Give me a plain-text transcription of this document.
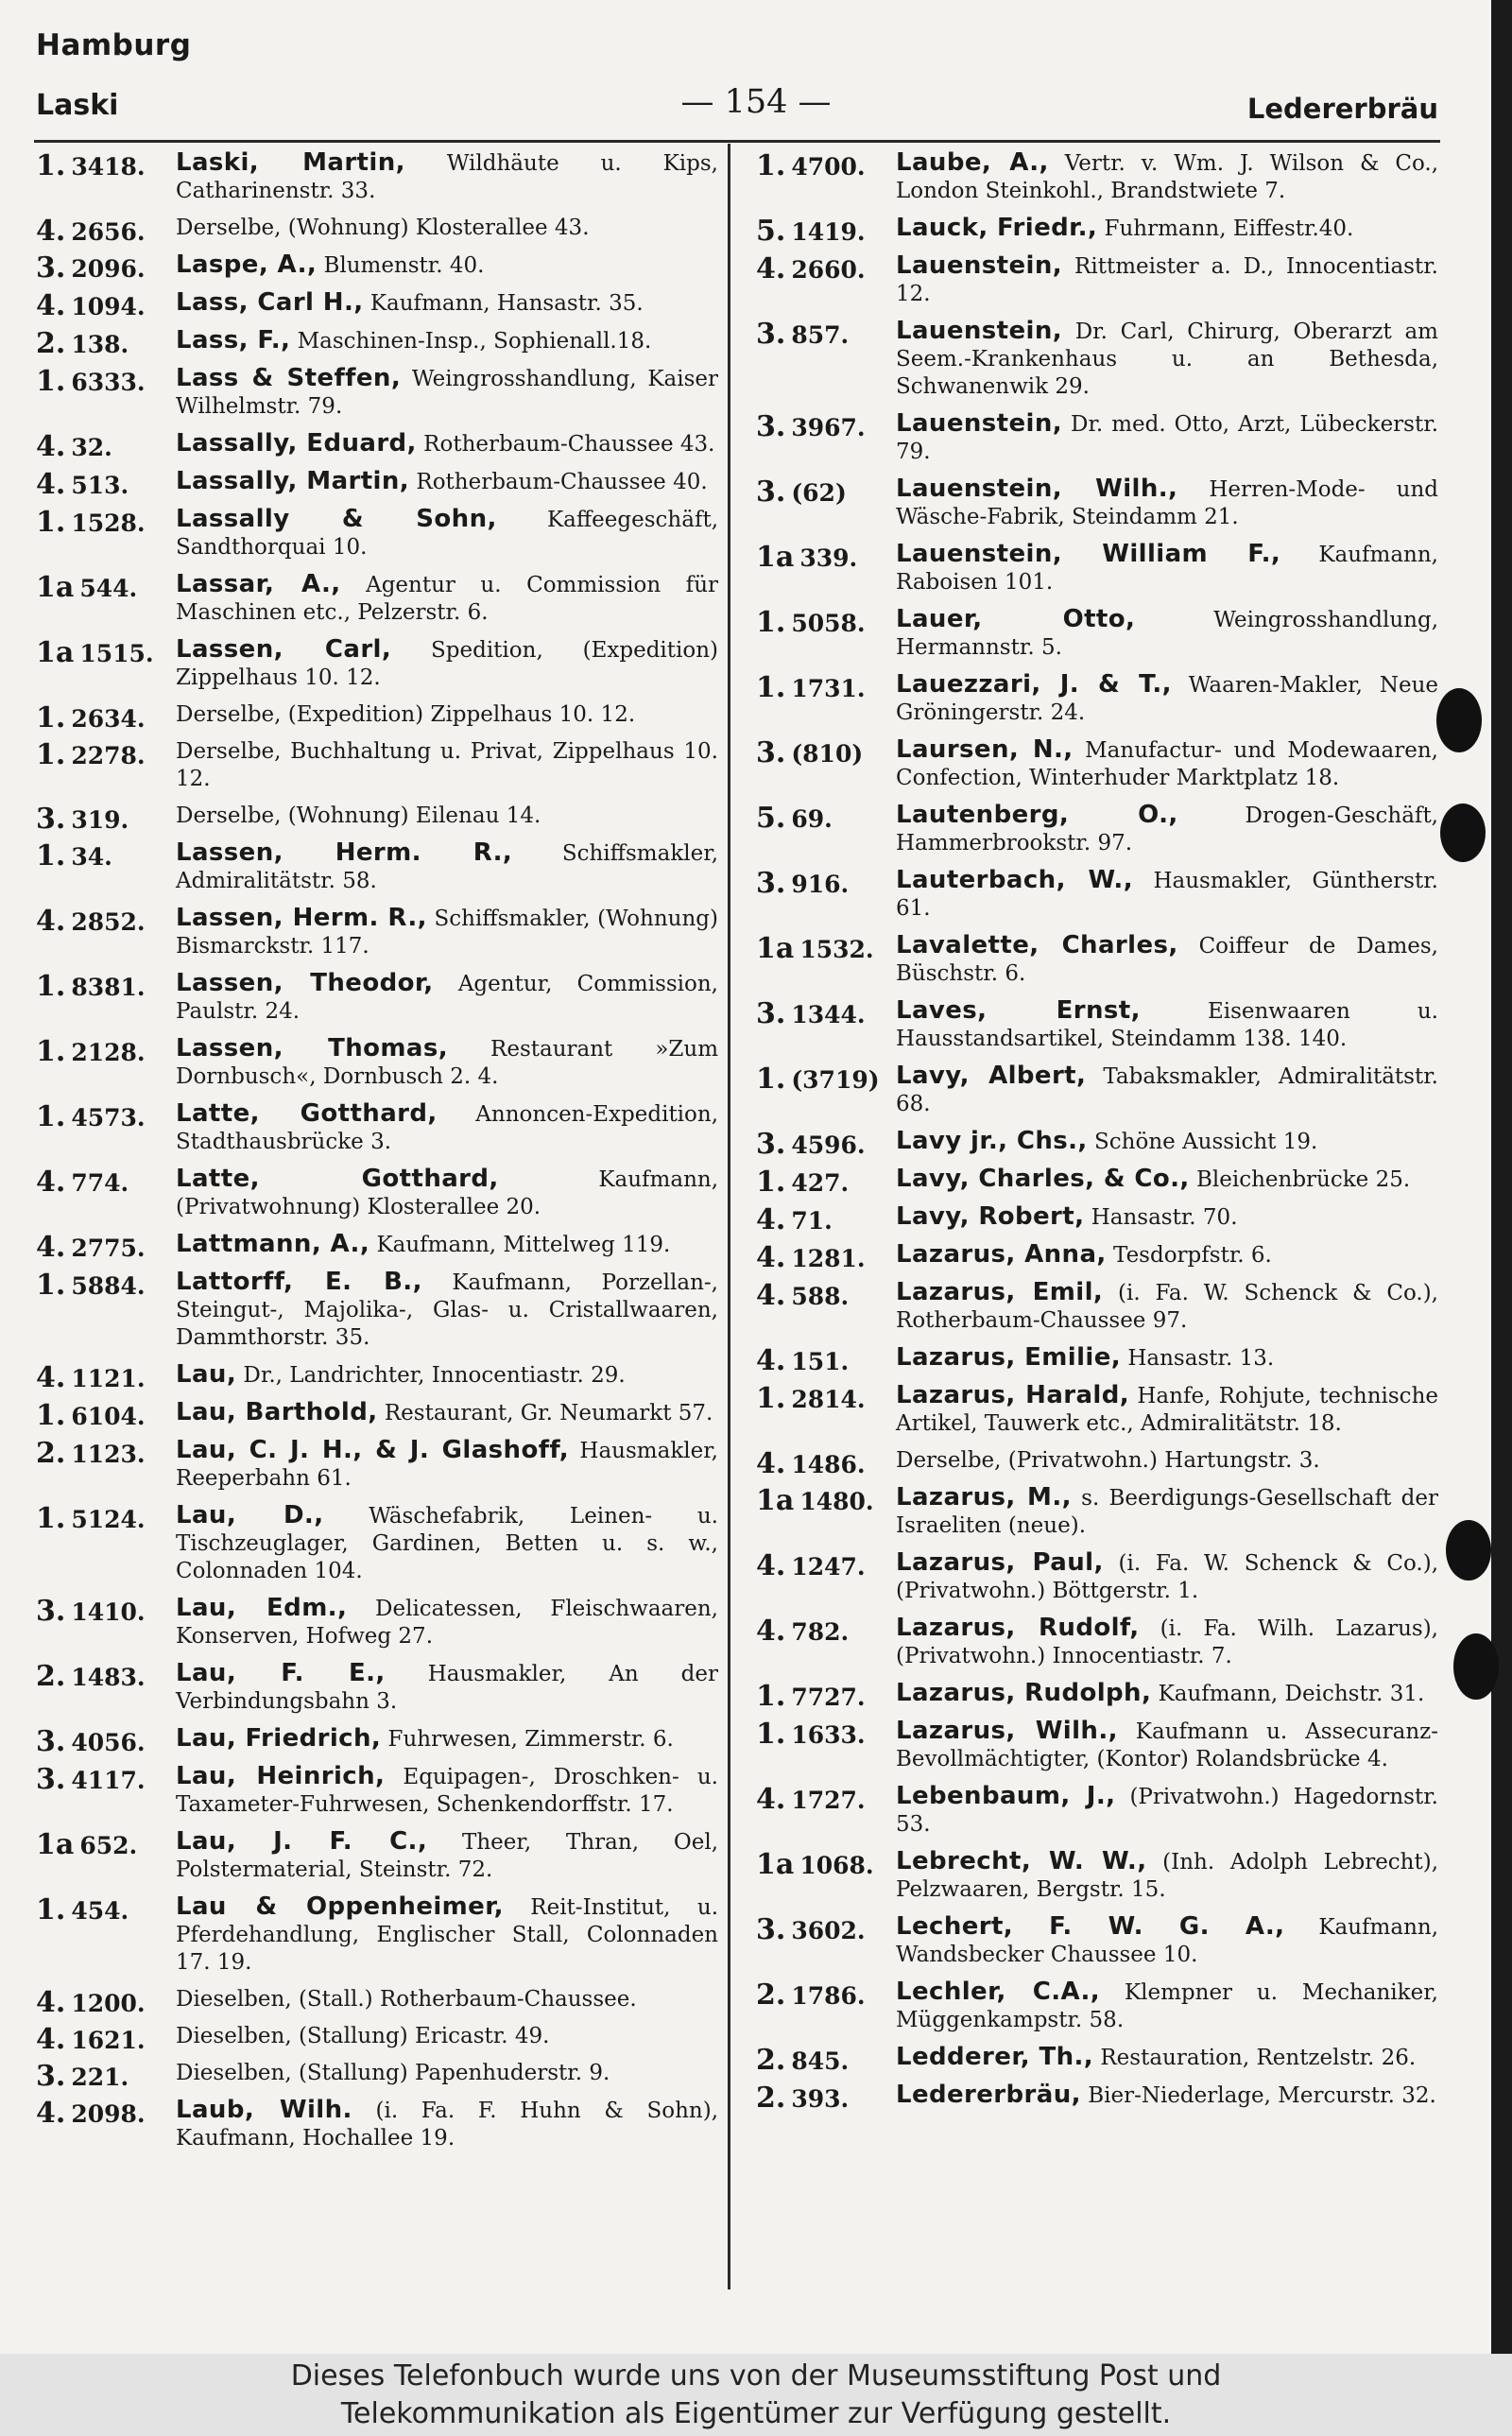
Hamburg
Laski	— 154 —	Ledererbräu
1. 3418.	Laski, Martin, Wildhäute u. Kips, Catharinenstr. 33.
4. 2656.	Derselbe, (Wohnung) Klosterallee 43.
3. 2096.	Laspe, A., Blumenstr. 40.
4. 1094.	Lass, Carl H., Kaufmann, Hansastr. 35.
2. 138.	Lass, F., Maschinen-Insp., Sophienall.18.
1. 6333.	Lass & Steffen, Weingrosshandlung, Kaiser Wilhelmstr. 79.
4. 32.	Lassally, Eduard, Rotherbaum-Chaussee 43.
4. 513.	Lassally, Martin, Rotherbaum-Chaussee 40.
1. 1528.	Lassally & Sohn, Kaffeegeschäft, Sandthorquai 10.
1a 544.	Lassar, A., Agentur u. Commission für Maschinen etc., Pelzerstr. 6.
1a 1515. Lassen, Carl, Spedition, (Expedition) Zippelhaus 10. 12.
1. 2634.	Derselbe, (Expedition) Zippelhaus 10. 12.
1. 2278.	Derselbe, Buchhaltung u. Privat, Zippelhaus 10. 12.
3. 319.	Derselbe, (Wohnung) Eilenau 14.
1. 34.	Lassen, Herm. R., Schiffsmakler, Admiralitätstr. 58.
4. 2852.	Lassen, Herm. R., Schiffsmakler, (Wohnung) Bismarckstr. 117.
1. 8381.	Lassen, Theodor, Agentur, Commission, Paulstr. 24.
1. 2128.	Lassen, Thomas, Restaurant »Zum Dornbusch«, Dornbusch 2. 4.
1. 4573.	Latte, Gotthard, Annoncen-Expedition, Stadthausbrücke 3.
4. 774.	Latte, Gotthard,	Kaufmann, (Privatwohnung) Klosterallee 20.
4. 2775.	Lattmann, A., Kaufmann, Mittelweg 119.
1. 5884.	Lattorff, E. B., Kaufmann, Porzellan-, Steingut-, Majolika-, Glas- u. Cristallwaaren, Dammthorstr. 35.
4. 1121.	Lau, Dr., Landrichter, Innocentiastr. 29.
1. 6104.	Lau, Barthold, Restaurant, Gr. Neumarkt 57.
2. 1123.	Lau, C. J. H., & J. Glashoff, Hausmakler, Reeperbahn 61.
1. 5124.	Lau, D., Wäschefabrik, Leinen- u. Tischzeuglager, Gardinen, Betten u. s. w., Colonnaden 104.
3. 1410.	Lau, Edm., Delicatessen, Fleischwaaren, Konserven, Hofweg 27.
2. 1483.	Lau, F. E., Hausmakler, An der Verbindungsbahn 3.
3. 4056.	Lau, Friedrich, Fuhrwesen, Zimmerstr. 6.
3. 4117.	Lau, Heinrich, Equipagen-, Droschken- u. Taxameter-Fuhrwesen, Schenkendorffstr. 17.
1a 652.	Lau, J. F. C., Theer, Thran, Oel, Polstermaterial, Steinstr. 72.
1. 454.	Lau & Oppenheimer, Reit-Institut, u. Pferdehandlung, Englischer Stall, Colonnaden 17. 19.
4. 1200.	Dieselben, (Stall.) Rotherbaum-Chaussee.
4. 1621.	Dieselben, (Stallung) Ericastr. 49.
3. 221.	Dieselben, (Stallung) Papenhuderstr. 9.
4. 2098.	Laub, Wilh. (i. Fa. F. Huhn & Sohn), Kaufmann, Hochallee 19.
1. 4700.	Laube, A., Vertr. v. Wm. J. Wilson & Co., London Steinkohl., Brandstwiete 7.
5. 1419.	Lauck, Friedr., Fuhrmann, Eiffestr.40.
4. 2660.	Lauenstein, Rittmeister a. D., Innocentiastr. 12.
3. 857.	Lauenstein, Dr. Carl, Chirurg, Oberarzt am Seem.-Krankenhaus u. an Bethesda, Schwanenwik 29.
3. 3967.	Lauenstein, Dr. med. Otto, Arzt, Lübeckerstr. 79.
3. (62)	Lauenstein, Wilh., Herren-Mode- und Wäsche-Fabrik, Steindamm 21.
1a 339.	Lauenstein, William F., Kaufmann, Raboisen 101.
1. 5058.	Lauer, Otto,	Weingrosshandlung, Hermannstr. 5.
1. 1731.	Lauezzari, J. & T., Waaren-Makler, Neue Gröningerstr. 24.
3. (810)	Laursen, N., Manufactur- und Modewaaren, Confection, Winterhuder Marktplatz 18.
5. 69.	Lautenberg, O.,	Drogen-Geschäft, Hammerbrookstr. 97.
3. 916.	Lauterbach, W., Hausmakler, Güntherstr. 61.
1a 1532. Lavalette, Charles, Coiffeur de Dames, Büschstr. 6.
3. 1344.	Laves, Ernst,	Eisenwaaren u. Hausstandsartikel, Steindamm 138. 140.
1. (3719) Lavy, Albert, Tabaksmakler, Admiralitätstr. 68.
3. 4596.	Lavy jr., Chs., Schöne Aussicht 19.
1. 427.	Lavy, Charles, & Co., Bleichenbrücke 25.
4. 71.	Lavy, Robert, Hansastr. 70.
4. 1281.	Lazarus, Anna, Tesdorpfstr. 6.
4. 588.	Lazarus, Emil, (i. Fa. W. Schenck & Co.), Rotherbaum-Chaussee 97.
4. 151.	Lazarus, Emilie, Hansastr. 13.
1. 2814.	Lazarus, Harald, Hanfe, Rohjute, technische Artikel, Tauwerk etc., Admiralitätstr. 18.
4. 1486.	Derselbe, (Privatwohn.) Hartungstr. 3.
1a 1480. Lazarus, M., s. Beerdigungs-Gesellschaft der Israeliten (neue).
4. 1247.	Lazarus, Paul, (i. Fa. W. Schenck & Co.), (Privatwohn.) Böttgerstr. 1.
4. 782.	Lazarus, Rudolf, (i. Fa. Wilh. Lazarus), (Privatwohn.) Innocentiastr. 7.
1. 7727.	Lazarus, Rudolph, Kaufmann, Deichstr. 31.
1. 1633.	Lazarus, Wilh., Kaufmann u. Assecuranz-Bevollmächtigter, (Kontor) Rolandsbrücke 4.
4. 1727.	Lebenbaum, J., (Privatwohn.) Hagedornstr. 53.
1a 1068. Lebrecht, W. W., (Inh. Adolph Lebrecht), Pelzwaaren, Bergstr. 15.
3. 3602.	Lechert, F. W. G. A., Kaufmann, Wandsbecker Chaussee 10.
2. 1786.	Lechler, C.A., Klempner u. Mechaniker, Müggenkampstr. 58.
2. 845.	Ledderer, Th., Restauration, Rentzelstr. 26.
2. 393.	Ledererbräu, Bier-Niederlage, Mercurstr. 32.
Dieses Telefonbuch wurde uns von der Museumsstiftung Post und
Telekommunikation als Eigentümer zur Verfügung gestellt.
